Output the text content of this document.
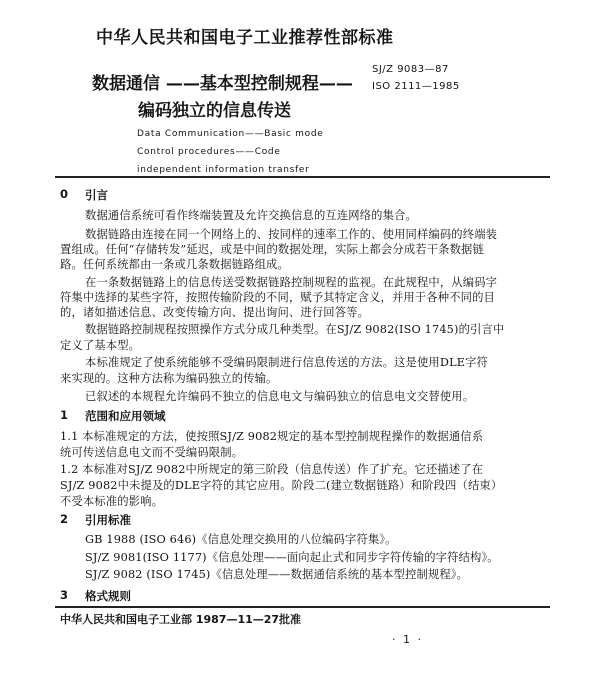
中华人民共和国电子工业推荐性部标准
数据通信 ——基本型控制规程——
编码独立的信息传送
SJ/Z 9083—87
ISO 2111—1985
Data Communication——Basic mode
Control procedures——Code
independent information transfer
0 引言
数据通信系统可看作终端装置及允许交换信息的互连网络的集合。
数据链路由连接在同一个网络上的、按同样的速率工作的、使用同样编码的终端装
置组成。任何“存储转发”延迟，或是中间的数据处理，实际上都会分成若干条数据链
路。任何系统都由一条或几条数据链路组成。
在一条数据链路上的信息传送受数据链路控制规程的监视。在此规程中，从编码字
符集中选择的某些字符，按照传输阶段的不同，赋予其特定含义，并用于各种不同的目
的，诸如描述信息、改变传输方向、提出询问、进行回答等。
数据链路控制规程按照操作方式分成几种类型。在SJ/Z 9082(ISO 1745)的引言中
定义了基本型。
本标准规定了使系统能够不受编码限制进行信息传送的方法。这是使用DLE字符
来实现的。这种方法称为编码独立的传输。
已叙述的本规程允许编码不独立的信息电文与编码独立的信息电文交替使用。
1 范围和应用领域
1.1 本标准规定的方法，使按照SJ/Z 9082规定的基本型控制规程操作的数据通信系
统可传送信息电文而不受编码限制。
1.2 本标准对SJ/Z 9082中所规定的第三阶段（信息传送）作了扩充。它还描述了在
SJ/Z 9082中未提及的DLE字符的其它应用。阶段二(建立数据链路）和阶段四（结束）
不受本标准的影响。
2 引用标准
GB 1988 (ISO 646)《信息处理交换用的八位编码字符集》。
SJ/Z 9081(ISO 1177)《信息处理——面向起止式和同步字符传输的字符结构》。
SJ/Z 9082 (ISO 1745)《信息处理——数据通信系统的基本型控制规程》。
3 格式规则
中华人民共和国电子工业部 1987—11—27批准
· 1 ·
